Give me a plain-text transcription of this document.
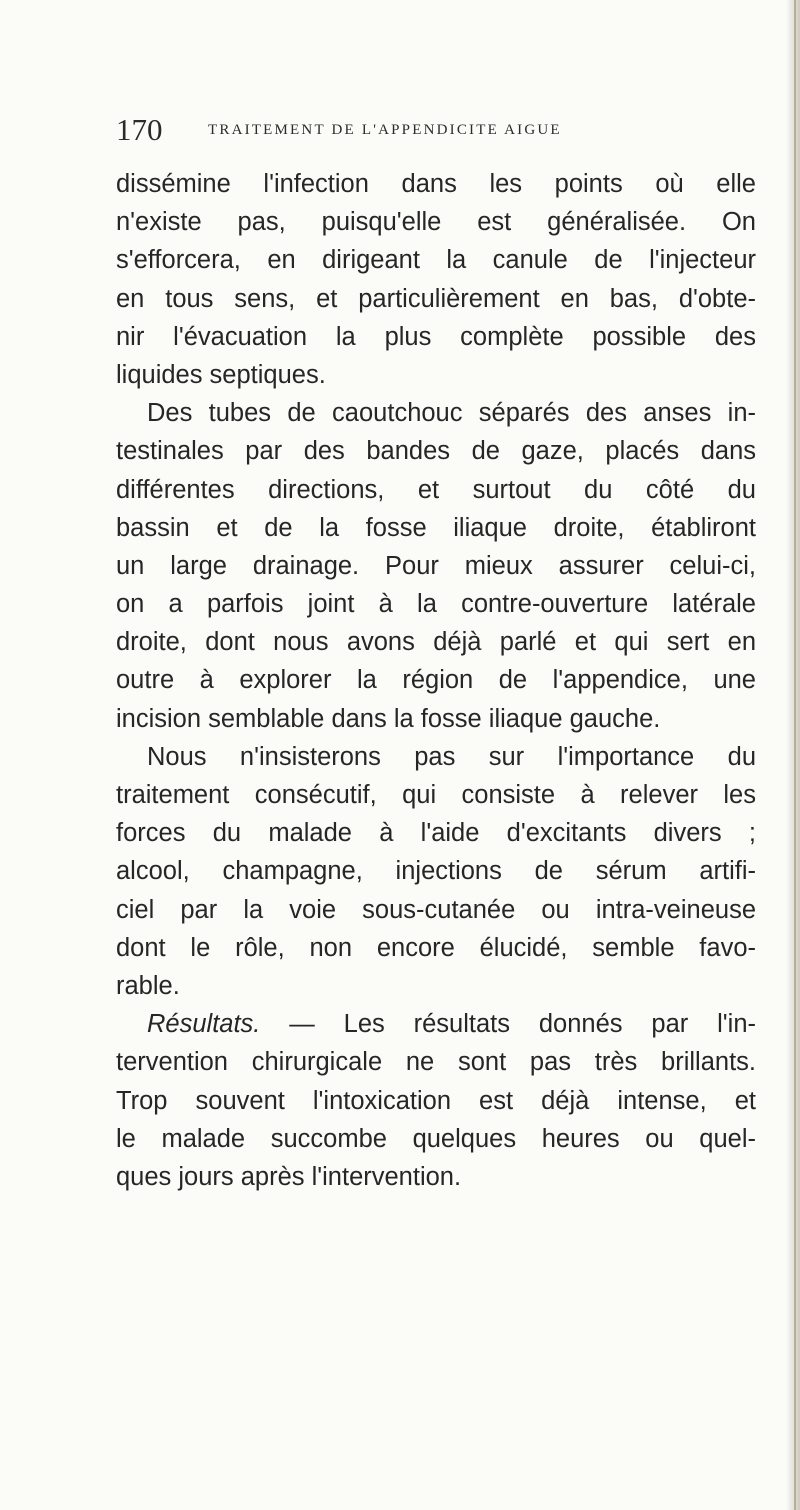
170	TRAITEMENT DE L'APPENDICITE AIGUE
dissémine l'infection dans les points où elle
n'existe pas, puisqu'elle est généralisée. On
s'efforcera, en dirigeant la canule de l'injecteur
en tous sens, et particulièrement en bas, d'obte-
nir l'évacuation la plus complète possible des
liquides septiques.
Des tubes de caoutchouc séparés des anses in-
testinales par des bandes de gaze, placés dans
différentes directions, et surtout du côté du
bassin et de la fosse iliaque droite, établiront
un large drainage. Pour mieux assurer celui-ci,
on a parfois joint à la contre-ouverture latérale
droite, dont nous avons déjà parlé et qui sert en
outre à explorer la région de l'appendice, une
incision semblable dans la fosse iliaque gauche.
Nous n'insisterons pas sur l'importance du
traitement consécutif, qui consiste à relever les
forces du malade à l'aide d'excitants divers ;
alcool, champagne, injections de sérum artifi-
ciel par la voie sous-cutanée ou intra-veineuse
dont le rôle, non encore élucidé, semble favo-
rable.
Résultats. — Les résultats donnés par l'in-
tervention chirurgicale ne sont pas très brillants.
Trop souvent l'intoxication est déjà intense, et
le malade succombe quelques heures ou quel-
ques jours après l'intervention.
